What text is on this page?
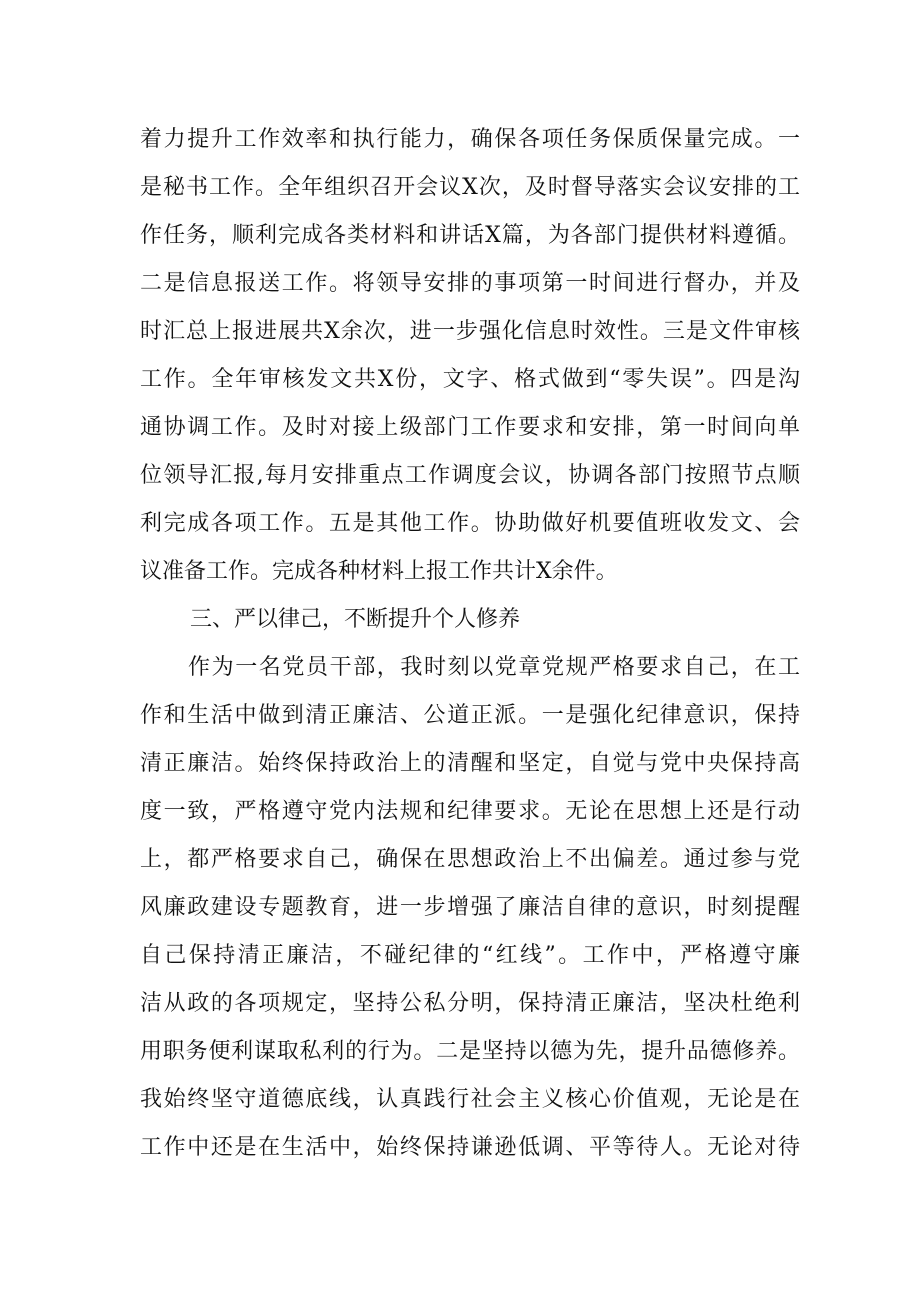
着力提升工作效率和执行能力，确保各项任务保质保量完成。一
是秘书工作。全年组织召开会议X次，及时督导落实会议安排的工
作任务，顺利完成各类材料和讲话X篇，为各部门提供材料遵循。
二是信息报送工作。将领导安排的事项第一时间进行督办，并及
时汇总上报进展共X余次，进一步强化信息时效性。三是文件审核
工作。全年审核发文共X份，文字、格式做到“零失误”。四是沟
通协调工作。及时对接上级部门工作要求和安排，第一时间向单
位领导汇报,每月安排重点工作调度会议，协调各部门按照节点顺
利完成各项工作。五是其他工作。协助做好机要值班收发文、会
议准备工作。完成各种材料上报工作共计X余件。
三、严以律己，不断提升个人修养
作为一名党员干部，我时刻以党章党规严格要求自己，在工
作和生活中做到清正廉洁、公道正派。一是强化纪律意识，保持
清正廉洁。始终保持政治上的清醒和坚定，自觉与党中央保持高
度一致，严格遵守党内法规和纪律要求。无论在思想上还是行动
上，都严格要求自己，确保在思想政治上不出偏差。通过参与党
风廉政建设专题教育，进一步增强了廉洁自律的意识，时刻提醒
自己保持清正廉洁，不碰纪律的“红线”。工作中，严格遵守廉
洁从政的各项规定，坚持公私分明，保持清正廉洁，坚决杜绝利
用职务便利谋取私利的行为。二是坚持以德为先，提升品德修养。
我始终坚守道德底线，认真践行社会主义核心价值观，无论是在
工作中还是在生活中，始终保持谦逊低调、平等待人。无论对待
